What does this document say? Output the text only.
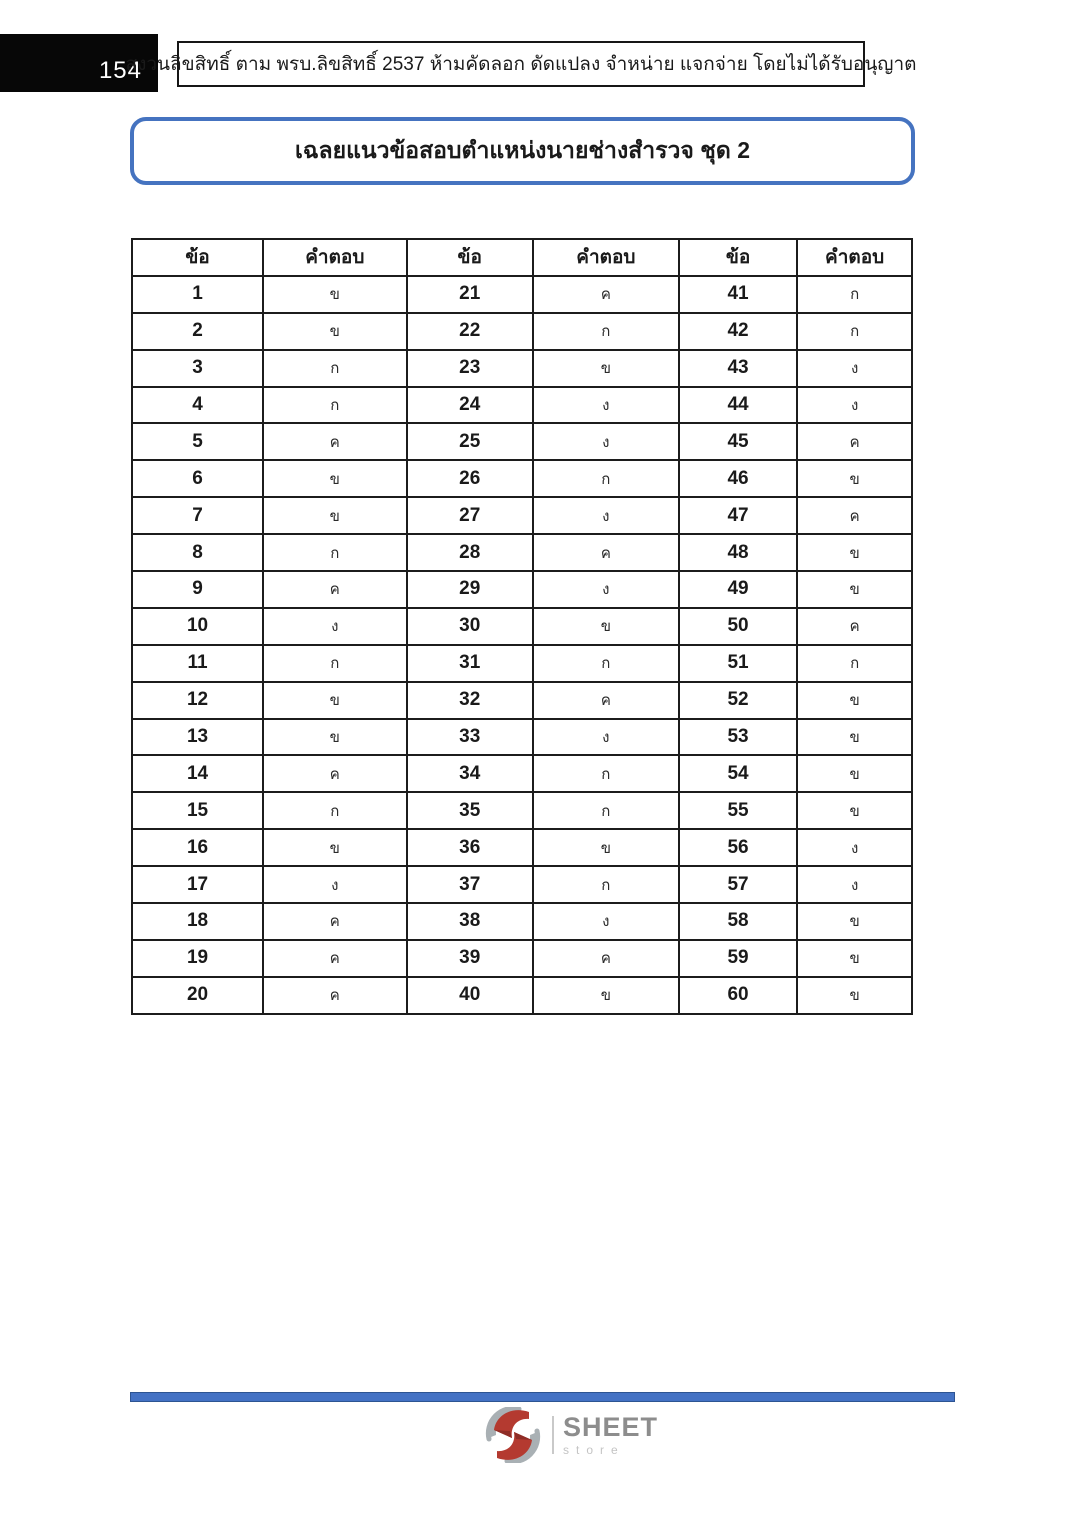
154
สงวนลิขสิทธิ์ ตาม พรบ.ลิขสิทธิ์ 2537 ห้ามคัดลอก ดัดแปลง จำหน่าย แจกจ่าย โดยไม่ได้รับอนุญาต
เฉลยแนวข้อสอบตำแหน่งนายช่างสำรวจ ชุด 2
ข้อ	คำตอบ	ข้อ	คำตอบ	ข้อ	คำตอบ
1	ข	21	ค	41	ก
2	ข	22	ก	42	ก
3	ก	23	ข	43	ง
4	ก	24	ง	44	ง
5	ค	25	ง	45	ค
6	ข	26	ก	46	ข
7	ข	27	ง	47	ค
8	ก	28	ค	48	ข
9	ค	29	ง	49	ข
10	ง	30	ข	50	ค
11	ก	31	ก	51	ก
12	ข	32	ค	52	ข
13	ข	33	ง	53	ข
14	ค	34	ก	54	ข
15	ก	35	ก	55	ข
16	ข	36	ข	56	ง
17	ง	37	ก	57	ง
18	ค	38	ง	58	ข
19	ค	39	ค	59	ข
20	ค	40	ข	60	ข
SHEET
store
